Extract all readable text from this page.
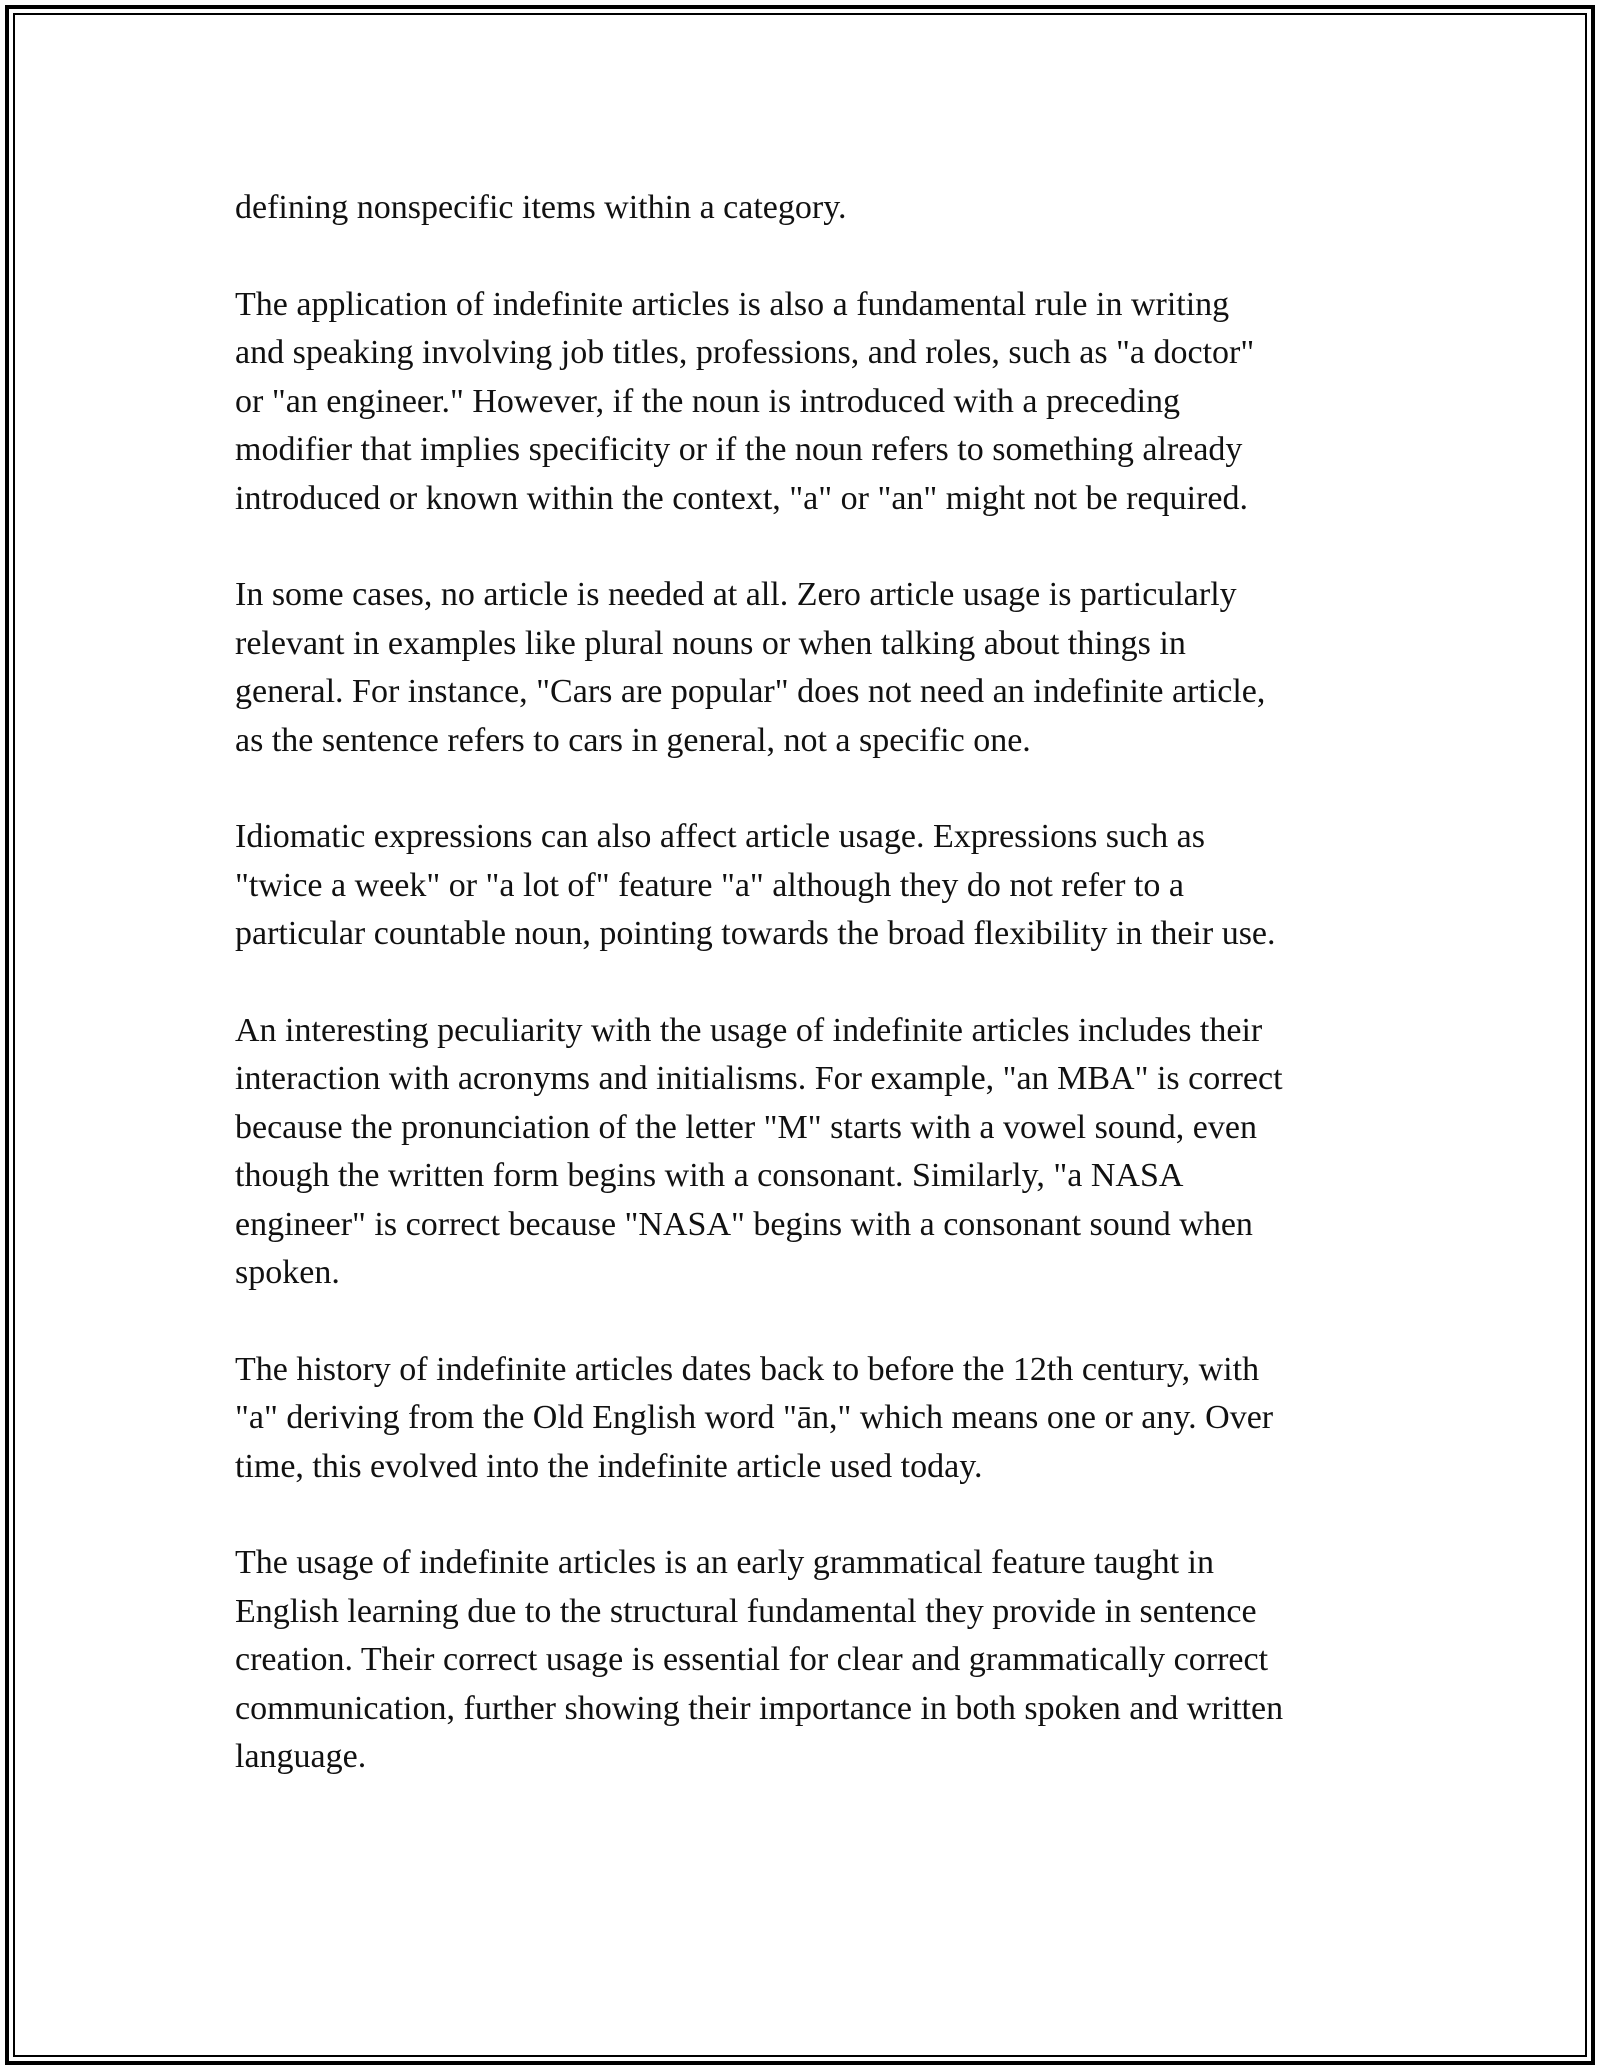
defining nonspecific items within a category.

The application of indefinite articles is also a fundamental rule in writing
and speaking involving job titles, professions, and roles, such as "a doctor"
or "an engineer." However, if the noun is introduced with a preceding
modifier that implies specificity or if the noun refers to something already
introduced or known within the context, "a" or "an" might not be required.

In some cases, no article is needed at all. Zero article usage is particularly
relevant in examples like plural nouns or when talking about things in
general. For instance, "Cars are popular" does not need an indefinite article,
as the sentence refers to cars in general, not a specific one.

Idiomatic expressions can also affect article usage. Expressions such as
"twice a week" or "a lot of" feature "a" although they do not refer to a
particular countable noun, pointing towards the broad flexibility in their use.

An interesting peculiarity with the usage of indefinite articles includes their
interaction with acronyms and initialisms. For example, "an MBA" is correct
because the pronunciation of the letter "M" starts with a vowel sound, even
though the written form begins with a consonant. Similarly, "a NASA
engineer" is correct because "NASA" begins with a consonant sound when
spoken.

The history of indefinite articles dates back to before the 12th century, with
"a" deriving from the Old English word "ān," which means one or any. Over
time, this evolved into the indefinite article used today.

The usage of indefinite articles is an early grammatical feature taught in
English learning due to the structural fundamental they provide in sentence
creation. Their correct usage is essential for clear and grammatically correct
communication, further showing their importance in both spoken and written
language.
